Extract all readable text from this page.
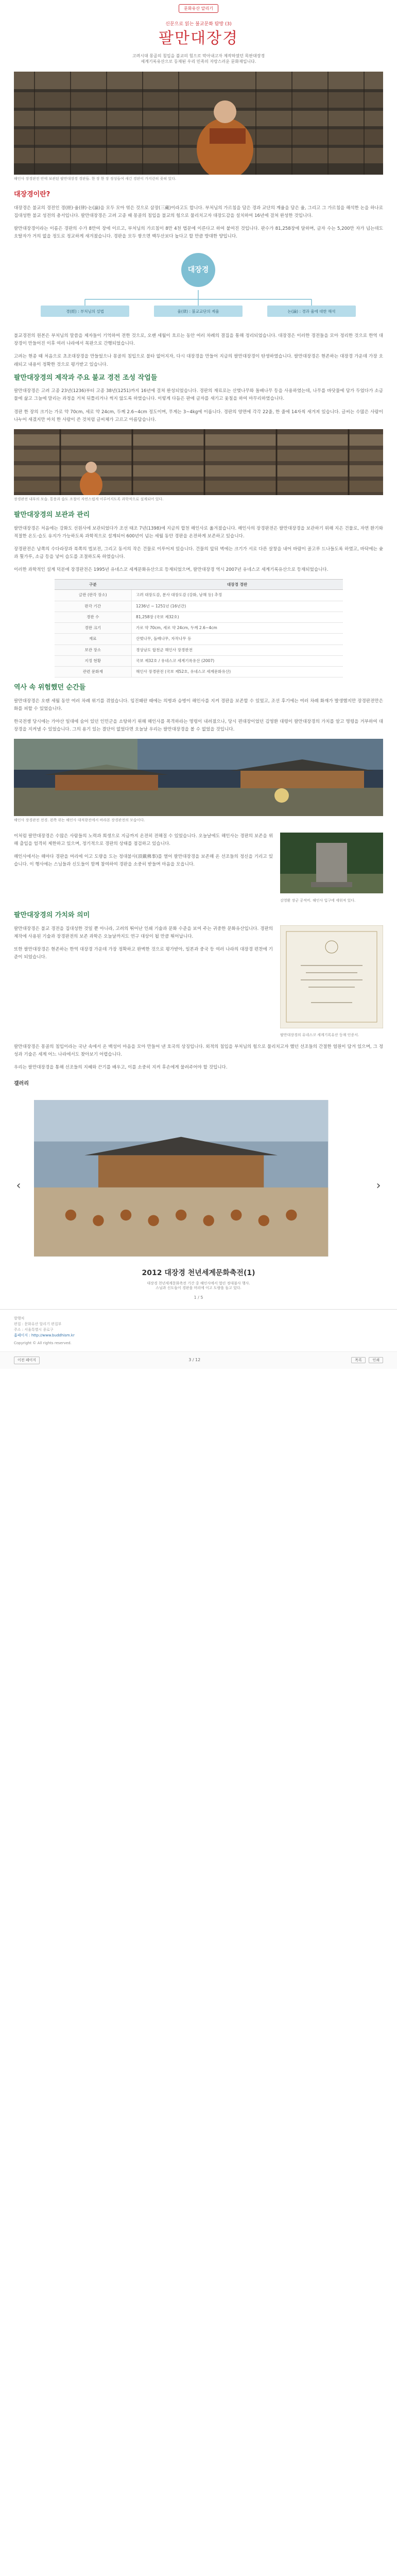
문화유산 알리기
신문으로 읽는 불교문화 탐방 (3)
팔만대장경
고려시대 몽골의 침입을 불교의 힘으로 막아내고자 제작하였던 목판대장경
세계기록유산으로 등재된 우리 민족의 자랑스러운 문화재입니다.
해인사 장경판전 안에 보관된 팔만대장경 경판들. 한 장 한 장 정성들여 새긴 경판이 가지런히 꽂혀 있다.
대장경이란?

대장경은 불교의 경전인 경(經)·율(律)·논(論)을 모두 모아 엮은 것으로 삼장(三藏)이라고도 합니다. 부처님의 가르침을 담은 경과 교단의 계율을 담은 율, 그리고 그 가르침을 해석한 논을 하나로 집대성한 불교 성전의 총서입니다. 팔만대장경은 고려 고종 때 몽골의 침입을 불교의 힘으로 물리치고자 대장도감을 설치하여 16년에 걸쳐 완성한 것입니다.

팔만대장경이라는 이름은 경판의 수가 8만여 장에 이르고, 부처님의 가르침이 8만 4천 법문에 이른다고 하여 붙여진 것입니다. 판수가 81,258장에 달하며, 글자 수는 5,200만 자가 넘는데도 오탈자가 거의 없을 정도로 정교하게 새겨졌습니다. 경판을 모두 쌓으면 백두산보다 높다고 할 만큼 방대한 양입니다.

대장경
경(經) : 부처님의 설법	율(律) : 불교교단의 계율	논(論) : 경과 율에 대한 해석

불교경전의 원본은 부처님의 말씀을 제자들이 기억하여 전한 것으로, 오랜 세월이 흐르는 동안 여러 차례의 결집을 통해 정리되었습니다. 대장경은 이러한 경전들을 모아 정리한 것으로 한역 대장경이 만들어진 이후 여러 나라에서 목판으로 간행되었습니다.

고려는 현종 때 처음으로 초조대장경을 만들었으나 몽골의 침입으로 불타 없어지자, 다시 대장경을 만들어 지금의 팔만대장경이 탄생하였습니다. 팔만대장경은 현존하는 대장경 가운데 가장 오래되고 내용이 정확한 것으로 평가받고 있습니다.

팔만대장경의 제작과 주요 불교 경전 조성 작업들

팔만대장경은 고려 고종 23년(1236)부터 고종 38년(1251)까지 16년에 걸쳐 완성되었습니다. 경판의 재료로는 산벚나무와 돌배나무 등을 사용하였는데, 나무를 바닷물에 담가 두었다가 소금물에 삶고 그늘에 말리는 과정을 거쳐 뒤틀리거나 썩지 않도록 하였습니다. 이렇게 다듬은 판에 글자를 새기고 옻칠을 하여 마무리하였습니다.

경판 한 장의 크기는 가로 약 70cm, 세로 약 24cm, 두께 2.6~4cm 정도이며, 무게는 3~4kg에 이릅니다. 경판의 양면에 각각 22줄, 한 줄에 14자씩 새겨져 있습니다. 글씨는 수많은 사람이 나누어 새겼지만 마치 한 사람이 쓴 것처럼 글씨체가 고르고 아름답습니다.

장경판전 내부의 모습. 통풍과 습도 조절이 자연스럽게 이루어지도록 과학적으로 설계되어 있다.
팔만대장경의 보관과 관리

팔만대장경은 처음에는 강화도 선원사에 보관되었다가 조선 태조 7년(1398)에 지금의 합천 해인사로 옮겨졌습니다. 해인사의 장경판전은 팔만대장경을 보관하기 위해 지은 건물로, 자연 환기와 적절한 온도·습도 유지가 가능하도록 과학적으로 설계되어 600년이 넘는 세월 동안 경판을 온전하게 보존하고 있습니다.

장경판전은 남쪽의 수다라장과 북쪽의 법보전, 그리고 동서의 작은 건물로 이루어져 있습니다. 건물의 앞뒤 벽에는 크기가 서로 다른 살창을 내어 바람이 골고루 드나들도록 하였고, 바닥에는 숯과 횟가루, 소금 등을 넣어 습도를 조절하도록 하였습니다.

이러한 과학적인 설계 덕분에 장경판전은 1995년 유네스코 세계문화유산으로 등재되었으며, 팔만대장경 역시 2007년 유네스코 세계기록유산으로 등재되었습니다.

구분	대장경 경판
글판 (판각 장소)	고려 대장도감, 분사 대장도감 (강화, 남해 등) 추정
판각 기간	1236년 ~ 1251년 (16년간)
경판 수	81,258장 (국보 제32호)
경판 크기	가로 약 70cm, 세로 약 24cm, 두께 2.6~4cm
재료	산벚나무, 돌배나무, 자작나무 등
보관 장소	경상남도 합천군 해인사 장경판전
지정 현황	국보 제32호 / 유네스코 세계기록유산 (2007)
관련 문화재	해인사 장경판전 (국보 제52호, 유네스코 세계문화유산)
역사 속 위험했던 순간들

팔만대장경은 오랜 세월 동안 여러 차례 위기를 겪었습니다. 임진왜란 때에는 의병과 승병이 해인사를 지켜 경판을 보존할 수 있었고, 조선 후기에는 여러 차례 화재가 발생했지만 장경판전만은 화를 피할 수 있었습니다.

한국전쟁 당시에는 가야산 일대에 숨어 있던 인민군을 소탕하기 위해 해인사를 폭격하라는 명령이 내려졌으나, 당시 편대장이었던 김영환 대령이 팔만대장경의 가치를 알고 명령을 거부하여 대장경을 지켜낼 수 있었습니다. 그의 용기 있는 결단이 없었다면 오늘날 우리는 팔만대장경을 볼 수 없었을 것입니다.

해인사 장경판전 전경. 왼쪽 위는 해인사 대적광전에서 바라본 장경판전의 모습이다.

이처럼 팔만대장경은 수많은 사람들의 노력과 희생으로 지금까지 온전히 전해질 수 있었습니다. 오늘날에도 해인사는 경판의 보존을 위해 출입을 엄격히 제한하고 있으며, 정기적으로 경판의 상태를 점검하고 있습니다.

해인사에서는 해마다 경판을 머리에 이고 도량을 도는 정대불사(頂戴佛事)를 열어 팔만대장경을 보존해 온 선조들의 정신을 기리고 있습니다. 이 행사에는 스님들과 신도들이 함께 참여하여 경판을 소중히 받들며 마음을 모읍니다.

김영환 장군 공적비. 해인사 입구에 세워져 있다.
팔만대장경의 가치와 의미

팔만대장경은 불교 경전을 집대성한 것일 뿐 아니라, 고려의 뛰어난 인쇄 기술과 문화 수준을 보여 주는 귀중한 문화유산입니다. 경판의 제작에 사용된 기술과 장경판전의 보존 과학은 오늘날까지도 연구 대상이 될 만큼 뛰어납니다.

또한 팔만대장경은 현존하는 한역 대장경 가운데 가장 정확하고 완벽한 것으로 평가받아, 일본과 중국 등 여러 나라의 대장경 편찬에 기준이 되었습니다.

팔만대장경의 유네스코 세계기록유산 등재 인증서.

팔만대장경은 몽골의 침입이라는 국난 속에서 온 백성이 마음을 모아 만들어 낸 호국의 상징입니다. 외적의 침입을 부처님의 힘으로 물리치고자 했던 선조들의 간절한 염원이 담겨 있으며, 그 정성과 기술은 세계 어느 나라에서도 찾아보기 어렵습니다.

우리는 팔만대장경을 통해 선조들의 지혜와 끈기를 배우고, 이를 소중히 지켜 후손에게 물려주어야 할 것입니다.

갤러리
‹	›
2012 대장경 천년세계문화축전(1)
대장경 천년세계문화축전 기간 중 해인사에서 열린 정대불사 행사.
스님과 신도들이 경판을 머리에 이고 도량을 돌고 있다.
1 / 5
발행처
편집 : 문화유산 알리기 편집부
주소 : 서울특별시 종로구
홈페이지 : http://www.buddhism.kr
Copyright © All rights reserved.
이전 페이지	3 / 12	목록	인쇄
